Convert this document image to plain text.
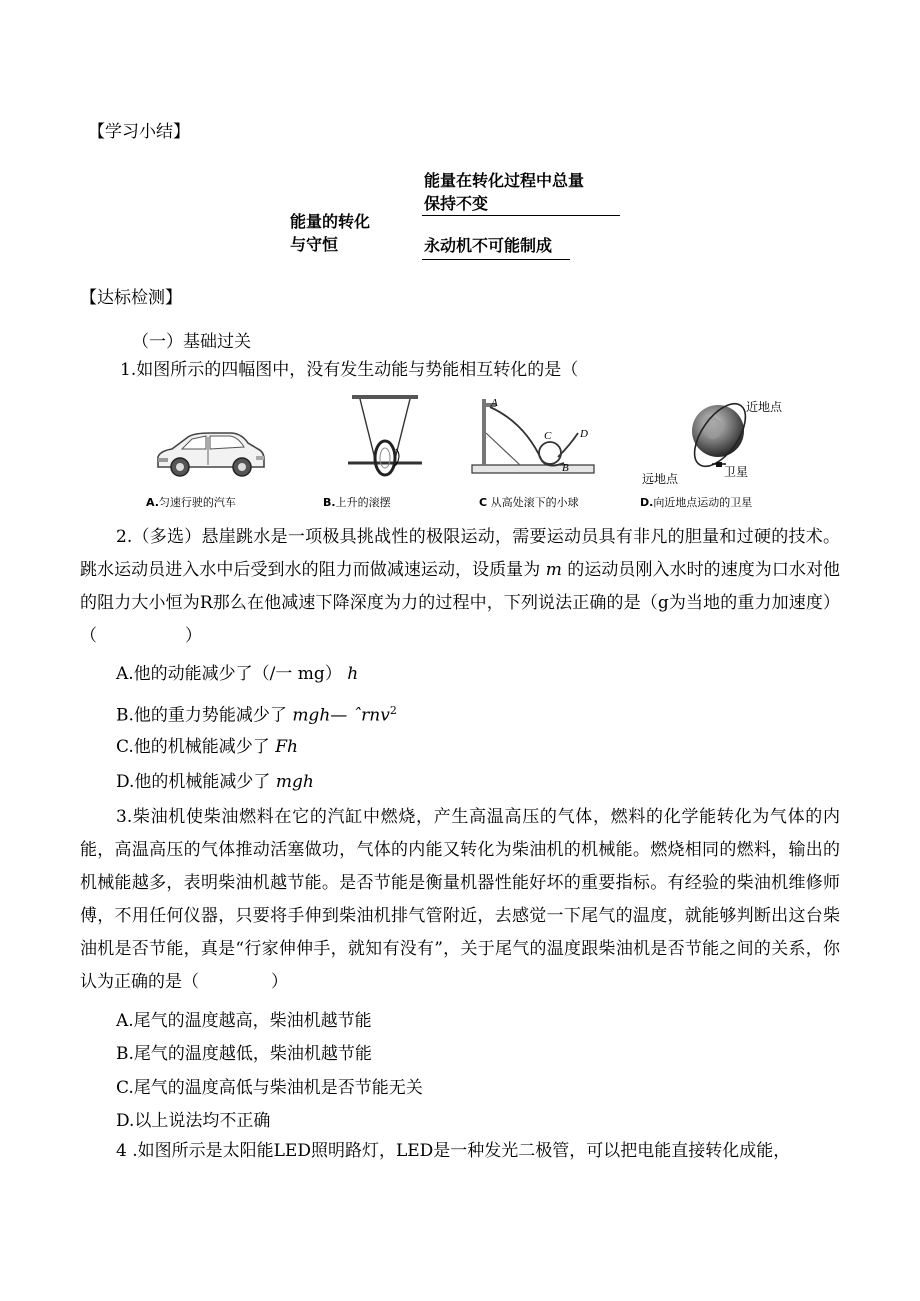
【学习小结】
能量的转化
与守恒
能量在转化过程中总量
保持不变
永动机不可能制成
【达标检测】
（一）基础过关
1.如图所示的四幅图中，没有发生动能与势能相互转化的是（
A
C	D
B
近地点
远地点	卫星
A.匀速行驶的汽车	B.上升的滚摆	C 从高处滚下的小球	D.向近地点运动的卫星
2.（多选）悬崖跳水是一项极具挑战性的极限运动，需要运动员具有非凡的胆量和过硬的技术。跳水运动员进入水中后受到水的阻力而做减速运动，设质量为 m 的运动员刚入水时的速度为口水对他的阻力大小恒为R那么在他减速下降深度为力的过程中，下列说法正确的是（g为当地的重力加速度）（	）
A.他的动能减少了（/一 mg） h
B.他的重力势能减少了 mgh— ˆrnv$^2$
C.他的机械能减少了 Fh
D.他的机械能减少了 mgh
3.柴油机使柴油燃料在它的汽缸中燃烧，产生高温高压的气体，燃料的化学能转化为气体的内能，高温高压的气体推动活塞做功，气体的内能又转化为柴油机的机械能。燃烧相同的燃料，输出的机械能越多，表明柴油机越节能。是否节能是衡量机器性能好坏的重要指标。有经验的柴油机维修师傅，不用任何仪器，只要将手伸到柴油机排气管附近，去感觉一下尾气的温度，就能够判断出这台柴油机是否节能，真是“行家伸伸手，就知有没有”，关于尾气的温度跟柴油机是否节能之间的关系，你认为正确的是（	）
A.尾气的温度越高，柴油机越节能
B.尾气的温度越低，柴油机越节能
C.尾气的温度高低与柴油机是否节能无关
D.以上说法均不正确
4 .如图所示是太阳能LED照明路灯，LED是一种发光二极管，可以把电能直接转化成能，
